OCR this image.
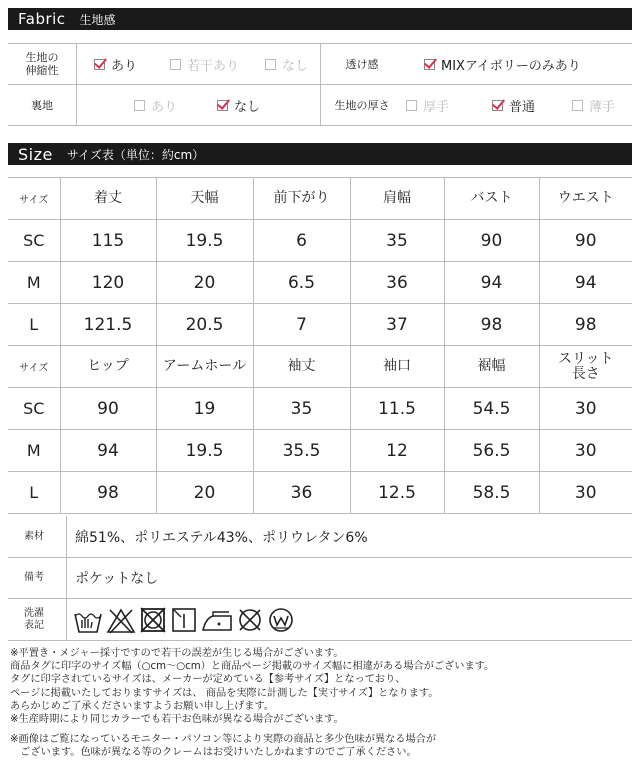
Fabric 生地感
生地の
伸縮性	あり	若干あり	なし	透け感	MIXアイボリーのみあり
裏地	あり	なし	生地の厚さ	厚手	普通	薄手
Size サイズ表（単位：約cm）
サイズ	着丈	天幅	前下がり	肩幅	バスト	ウエスト
SC	115	19.5	6	35	90	90
M	120	20	6.5	36	94	94
L	121.5	20.5	7	37	98	98
サイズ	ヒップ	アームホール	袖丈	袖口	裾幅	スリット
長さ
SC	90	19	35	11.5	54.5	30
M	94	19.5	35.5	12	56.5	30
L	98	20	36	12.5	58.5	30
素材	綿51%、ポリエステル43%、ポリウレタン6%
備考	ポケットなし
洗濯
表記
※平置き・メジャー採寸ですので若干の誤差が生じる場合がございます。
商品タグに印字のサイズ幅（○cm〜○cm）と商品ページ掲載のサイズ幅に相違がある場合がございます。
タグに印字されているサイズは、メーカーが定めている【参考サイズ】となっており、
ページに掲載いたしておりますサイズは、 商品を実際に計測した【実寸サイズ】となります。
あらかじめご了承くださいますようお願い申し上げます。
※生産時期により同じカラーでも若干お色味が異なる場合がございます。
※画像はご覧になっているモニター・パソコン等により実際の商品と多少色味が異なる場合が
　ございます。色味が異なる等のクレームはお受けいたしかねますのでご了承ください。
